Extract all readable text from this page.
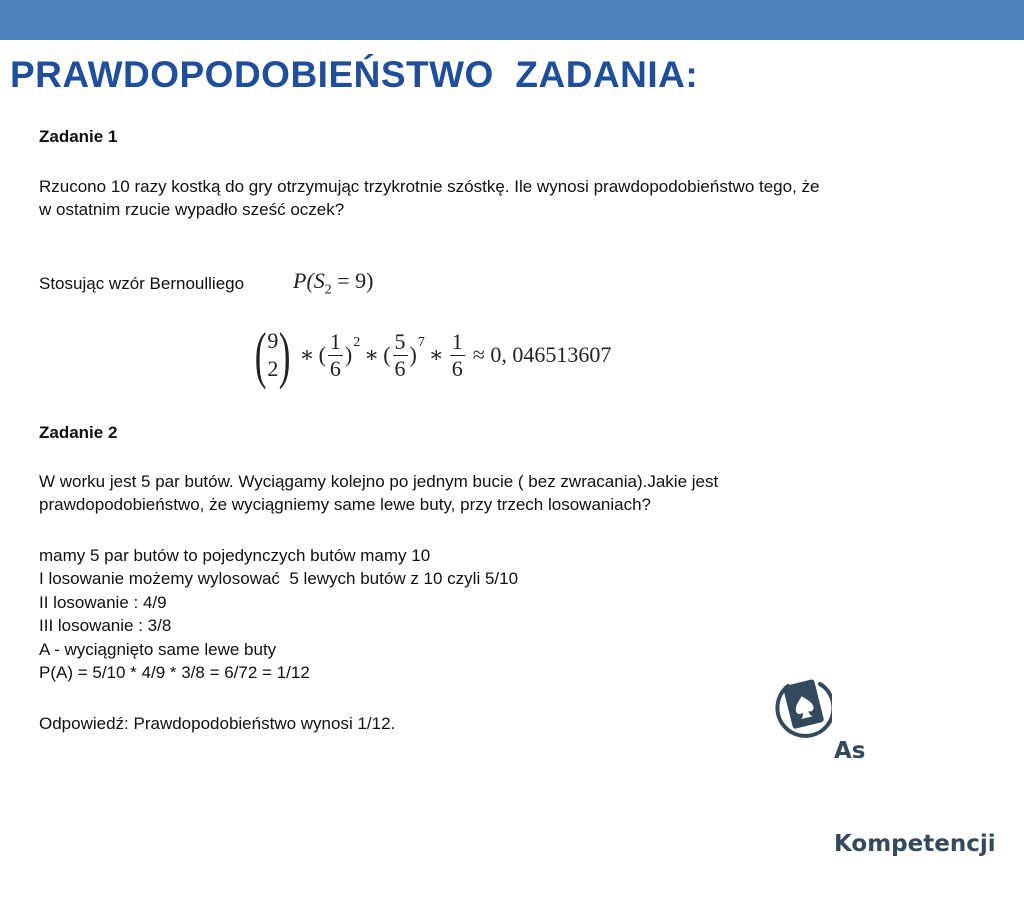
PRAWDOPODOBIEŃSTWO  ZADANIA:

Zadanie 1

Rzucono 10 razy kostką do gry otrzymując trzykrotnie szóstkę. Ile wynosi prawdopodobieństwo tego, że

w ostatnim rzucie wypadło sześć oczek?

Stosując wzór Bernoulliego $P(S_2 = 9)$
( 9
2 ) ∗ ( $\frac{1}{6}$ ) 2 ∗ ( $\frac{5}{6}$ ) 7 ∗ $\frac{1}{6} \approx 0$, 046513607

Zadanie 2

W worku jest 5 par butów. Wyciągamy kolejno po jednym bucie ( bez zwracania).Jakie jest

prawdopodobieństwo, że wyciągniemy same lewe buty, przy trzech losowaniach?

mamy 5 par butów to pojedynczych butów mamy 10

I losowanie możemy wylosować  5 lewych butów z 10 czyli 5/10

II losowanie : 4/9

III losowanie : 3/8

A - wyciągnięto same lewe buty

P(A) = 5/10 * 4/9 * 3/8 = 6/72 = 1/12

Odpowiedź: Prawdopodobieństwo wynosi 1/12.

As

Kompetencji
